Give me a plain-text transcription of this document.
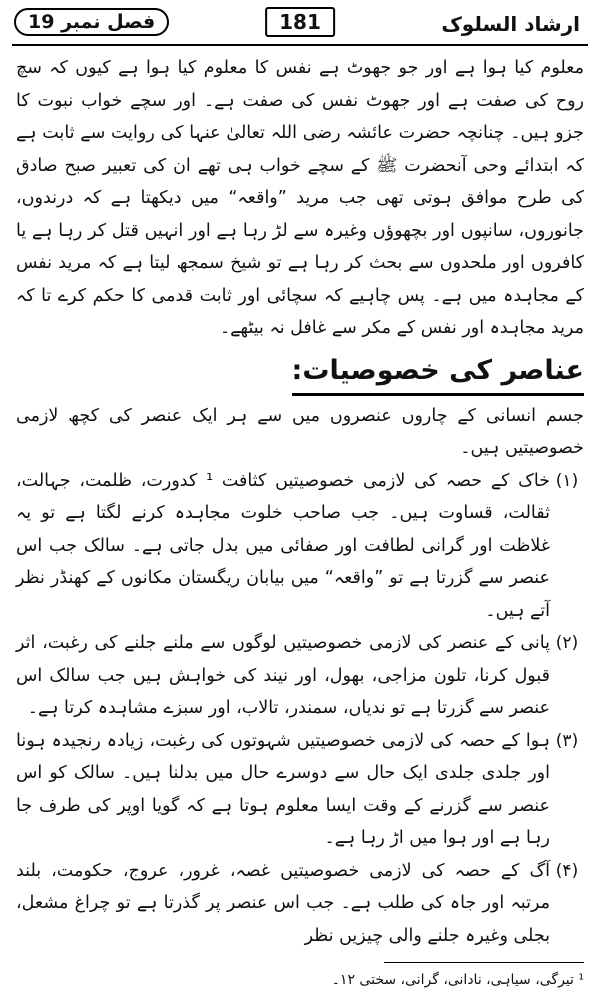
ارشاد السلوک
181
فصل نمبر 19

معلوم کیا ہوا ہے اور جو جھوٹ ہے نفس کا معلوم کیا ہوا ہے کیوں کہ سچ روح کی صفت ہے اور جھوٹ نفس کی صفت ہے۔ اور سچے خواب نبوت کا جزو ہیں۔ چنانچہ حضرت عائشہ رضی اللہ تعالیٰ عنہا کی روایت سے ثابت ہے کہ ابتدائے وحی آنحضرت ﷺ کے سچے خواب ہی تھے ان کی تعبیر صبح صادق کی طرح موافق ہوتی تھی جب مرید ”واقعہ“ میں دیکھتا ہے کہ درندوں، جانوروں، سانپوں اور بچھوؤں وغیرہ سے لڑ رہا ہے اور انہیں قتل کر رہا ہے یا کافروں اور ملحدوں سے بحث کر رہا ہے تو شیخ سمجھ لیتا ہے کہ مرید نفس کے مجاہدہ میں ہے۔ پس چاہیے کہ سچائی اور ثابت قدمی کا حکم کرے تا کہ مرید مجاہدہ اور نفس کے مکر سے غافل نہ بیٹھے۔

عناصر کی خصوصیات:

جسم انسانی کے چاروں عنصروں میں سے ہر ایک عنصر کی کچھ لازمی خصوصیتیں ہیں۔

(۱)

خاک کے حصہ کی لازمی خصوصیتیں کثافت ¹ کدورت، ظلمت، جہالت، ثقالت، قساوت ہیں۔ جب صاحب خلوت مجاہدہ کرنے لگتا ہے تو یہ غلاظت اور گرانی لطافت اور صفائی میں بدل جاتی ہے۔ سالک جب اس عنصر سے گزرتا ہے تو ”واقعہ“ میں بیابان ریگستان مکانوں کے کھنڈر نظر آتے ہیں۔

(۲)

پانی کے عنصر کی لازمی خصوصیتیں لوگوں سے ملنے جلنے کی رغبت، اثر قبول کرنا، تلون مزاجی، بھول، اور نیند کی خواہش ہیں جب سالک اس عنصر سے گزرتا ہے تو ندیاں، سمندر، تالاب، اور سبزے مشاہدہ کرتا ہے۔

(۳)

ہوا کے حصہ کی لازمی خصوصیتیں شہوتوں کی رغبت، زیادہ رنجیدہ ہونا اور جلدی جلدی ایک حال سے دوسرے حال میں بدلنا ہیں۔ سالک کو اس عنصر سے گزرنے کے وقت ایسا معلوم ہوتا ہے کہ گویا اوپر کی طرف جا رہا ہے اور ہوا میں اڑ رہا ہے۔

(۴)

آگ کے حصہ کی لازمی خصوصیتیں غصہ، غرور، عروج، حکومت، بلند مرتبہ اور جاہ کی طلب ہے۔ جب اس عنصر پر گذرتا ہے تو چراغ مشعل، بجلی وغیرہ جلنے والی چیزیں نظر

¹ تیرگی، سیاہی، نادانی، گرانی، سختی ۱۲۔
